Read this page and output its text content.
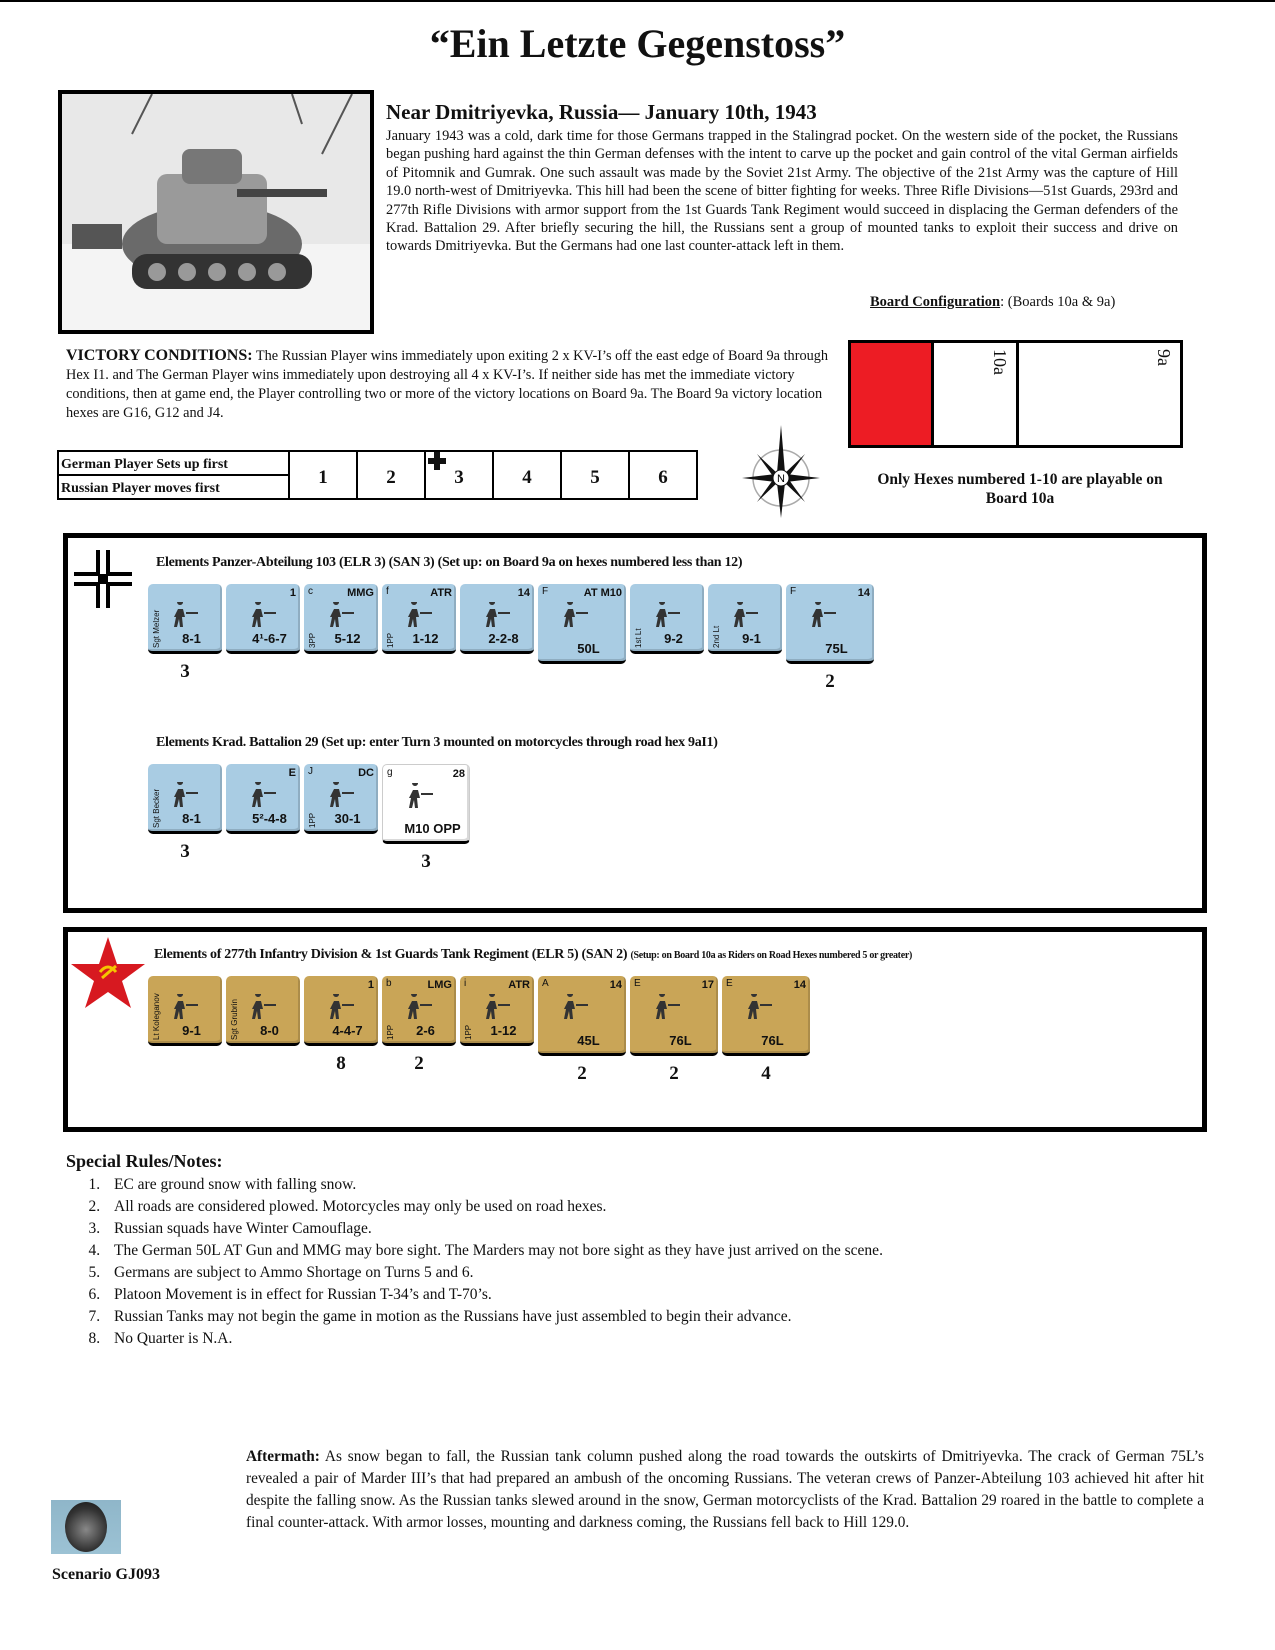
“Ein Letzte Gegenstoss”
Near Dmitriyevka, Russia— January 10th, 1943
January 1943 was a cold, dark time for those Germans trapped in the Stalingrad pocket. On the western side of the pocket, the Russians began pushing hard against the thin German defenses with the intent to carve up the pocket and gain control of the vital German airfields of Pitomnik and Gumrak. One such assault was made by the Soviet 21st Army. The objective of the 21st Army was the capture of Hill 19.0 north-west of Dmitriyevka. This hill had been the scene of bitter fighting for weeks. Three Rifle Divisions—51st Guards, 293rd and 277th Rifle Divisions with armor support from the 1st Guards Tank Regiment would succeed in displacing the German defenders of the Krad. Battalion 29. After briefly securing the hill, the Russians sent a group of mounted tanks to exploit their success and drive on towards Dmitriyevka. But the Germans had one last counter-attack left in them.
Board Configuration: (Boards 10a & 9a)
VICTORY CONDITIONS: The Russian Player wins immediately upon exiting 2 x KV-I’s off the east edge of Board 9a through Hex I1. and The German Player wins immediately upon destroying all 4 x KV-I’s. If neither side has met the immediate victory conditions, then at game end, the Player controlling two or more of the victory locations on Board 9a. The Board 9a victory location hexes are G16, G12 and J4.
10a	9a
Only Hexes numbered 1-10 are playable on Board 10a
N
German Player Sets up first	1	2	3	4	5	6
Russian Player moves first
Elements Panzer-Abteilung 103 (ELR 3) (SAN 3) (Set up: on Board 9a on hexes numbered less than 12)
Sgt Melzer	8-1
3
1
4¹-6-7
c	MMG
3PP	5-12
f	ATR
1PP	1-12
14
2-2-8
F	AT M10
50L
1st Lt	9-2	2nd Lt	9-1
F	14
75L
2
Elements Krad. Battalion 29 (Set up: enter Turn 3 mounted on motorcycles through road hex 9aI1)
Sgt Becker	8-1
3
E
5²-4-8
J	DC
1PP	30-1
g	28
M10 OPP
3
Elements of 277th Infantry Division & 1st Guards Tank Regiment (ELR 5) (SAN 2) (Setup: on Board 10a as Riders on Road Hexes numbered 5 or greater)
Lt Koleganov	9-1	Sgt Grubrin	8-0
1
4-4-7
8
b	LMG
1PP	2-6
2
i	ATR
1PP	1-12
A	14
45L
2
E	17
76L
2
E	14
76L
4
Special Rules/Notes:
1. EC are ground snow with falling snow.
2. All roads are considered plowed. Motorcycles may only be used on road hexes.
3. Russian squads have Winter Camouflage.
4. The German 50L AT Gun and MMG may bore sight. The Marders may not bore sight as they have just arrived on the scene.
5. Germans are subject to Ammo Shortage on Turns 5 and 6.
6. Platoon Movement is in effect for Russian T-34’s and T-70’s.
7. Russian Tanks may not begin the game in motion as the Russians have just assembled to begin their advance.
8. No Quarter is N.A.
Aftermath: As snow began to fall, the Russian tank column pushed along the road towards the outskirts of Dmitriyevka. The crack of German 75L’s revealed a pair of Marder III’s that had prepared an ambush of the oncoming Russians. The veteran crews of Panzer-Abteilung 103 achieved hit after hit despite the falling snow. As the Russian tanks slewed around in the snow, German motorcyclists of the Krad. Battalion 29 roared in the battle to complete a final counter-attack. With armor losses, mounting and darkness coming, the Russians fell back to Hill 129.0.
Scenario GJ093
